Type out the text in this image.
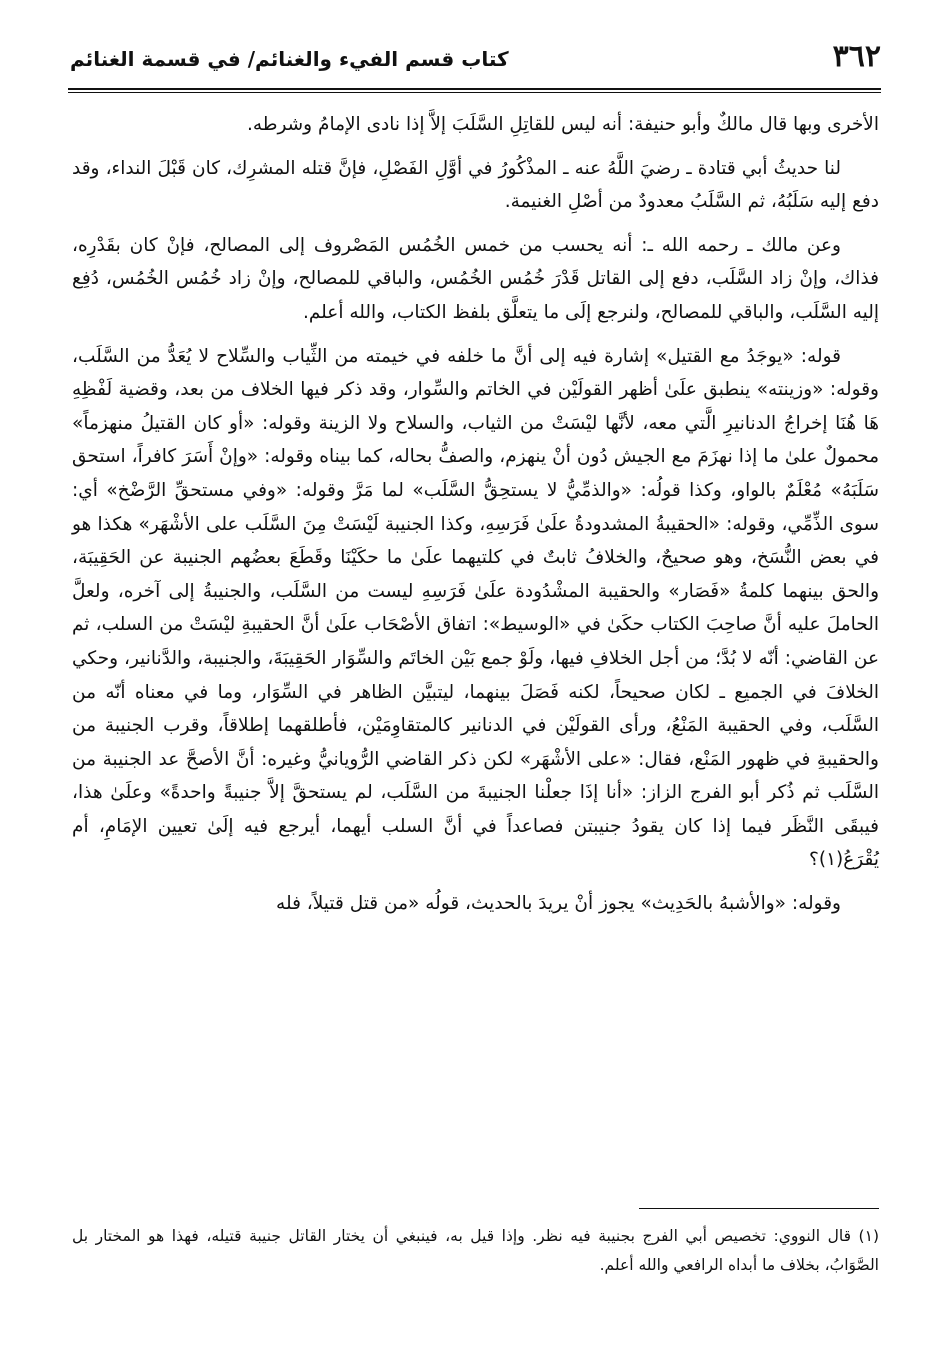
٣٦٢
كتاب قسم الفيء والغنائم/ في قسمة الغنائم

الأخرى وبها قال مالكٌ وأبو حنيفة: أنه ليس للقاتِلِ السَّلَبَ إلاَّ إذا نادى الإمامُ وشرطه.

لنا حديثُ أبي قتادة ـ رضيَ اللَّهُ عنه ـ المذْكُورُ في أوَّلِ الفَصْلِ، فإنَّ قتله المشرِك، كان قَبْلَ النداء، وقد دفع إليه سَلَبُهُ، ثم السَّلَبُ معدودٌ من أصْلِ الغنيمة.

وعن مالك ـ رحمه الله ـ: أنه يحسب من خمس الخُمُس المَصْروف إلى المصالح، فإنْ كان بقَدْرِه، فذاك، وإنْ زاد السَّلَب، دفع إلى القاتل قَدْرَ خُمُس الخُمُس، والباقي للمصالح، وإنْ زاد خُمُس الخُمُس، دُفِع إليه السَّلَب، والباقي للمصالح، ولنرجع إلَى ما يتعلَّق بلفظ الكتاب، والله أعلم.

قوله: «يوجَدُ مع القتيل» إشارة فيه إلى أنَّ ما خلفه في خيمته من الثِّياب والسِّلاح لا يُعَدُّ من السَّلَب، وقوله: «وزينته» ينطبق علَىٰ أظهر القولَيْن في الخاتم والسِّوار، وقد ذكر فيها الخلاف من بعد، وقضية لَفْظِهِ هَا هُنَا إخراجُ الدنانيرِ الَّتي معه، لأنَّها ليْسَتْ من الثياب، والسلاح ولا الزينة وقوله: «أو كان القتيلُ منهزماً» محمولٌ علىٰ ما إذا نهزَمَ مع الجيش دُون أنْ ينهزم، والصفُّ بحاله، كما بيناه وقوله: «وإنْ أَسَرَ كافراً، استحق سَلَبَهُ» مُعْلَمٌ بالواو، وكذا قولُه: «والذمِّيُّ لا يستحِقُّ السَّلَب» لما مَرَّ وقوله: «وفي مستحقِّ الرَّضْخ» أي: سوى الذِّمِّي، وقوله: «الحقيبةُ المشدودةُ علَىٰ فَرَسِهِ، وكذا الجنيبة لَيْسَتْ مِنَ السَّلَب على الأشْهَر» هكذا هو في بعض النُّسَخ، وهو صحيحٌ، والخلافُ ثابتٌ في كلتيهما علَىٰ ما حكَيْنَا وقَطَعَ بعضُهم الجنيبة عن الحَقِيبَة، والحق بينهما كلمةُ «فَصَار» والحقيبة المشْدُودة علَىٰ فَرَسِهِ ليست من السَّلَب، والجنيبةُ إلى آخره، ولعلَّ الحاملَ عليه أنَّ صاحِبَ الكتاب حكَىٰ في «الوسيط»: اتفاق الأصْحَاب علَىٰ أنَّ الحقيبةِ ليْسَتْ من السلب، ثم عن القاضي: أنّه لا بُدَّ؛ من أجل الخلافِ فيها، ولَوْ جمع بَيْن الخاتَم والسِّوَار الحَقِيبَةَ، والجنيبة، والدَّنانير، وحكي الخلافَ في الجميع ـ لكان صحيحاً، لكنه فَصَلَ بينهما، ليتبيَّن الظاهر في السِّوَار، وما في معناه أنّه من السَّلَب، وفي الحقيبة المَنْعُ، ورأى القولَيْن في الدنانير كالمتقاوِمَيْن، فأطلقهما إطلاقاً، وقرب الجنيبة من والحقيبةِ في ظهور المَنْع، فقال: «على الأشْهَر» لكن ذكر القاضي الرُّويانيُّ وغيره: أنَّ الأصحَّ عد الجنيبة من السَّلَب ثم ذُكر أبو الفرج الزاز: «أنا إذَا جعلْنا الجنيبةَ من السَّلَب، لم يستحقَّ إلاَّ جنيبةً واحدةً» وعلَىٰ هذا، فيبقَى النَّظَر فيما إذا كان يقودُ جنيبتن فصاعداً في أنَّ السلب أيهما، أيرجع فيه إلَىٰ تعيين الإمَامِ، أم يُقْرَعُ(١)؟

وقوله: «والأشبهُ بالحَدِيث» يجوز أنْ يريدَ بالحديث، قولُه «من قتل قتيلاً، فله

(١) قال النووي: تخصيص أبي الفرج بجنيبة فيه نظر. وإذا قيل به، فينبغي أن يختار القاتل جنيبة قتيله، فهذا هو المختار بل الصَّوَابُ، بخلاف ما أبداه الرافعي والله أعلم.
